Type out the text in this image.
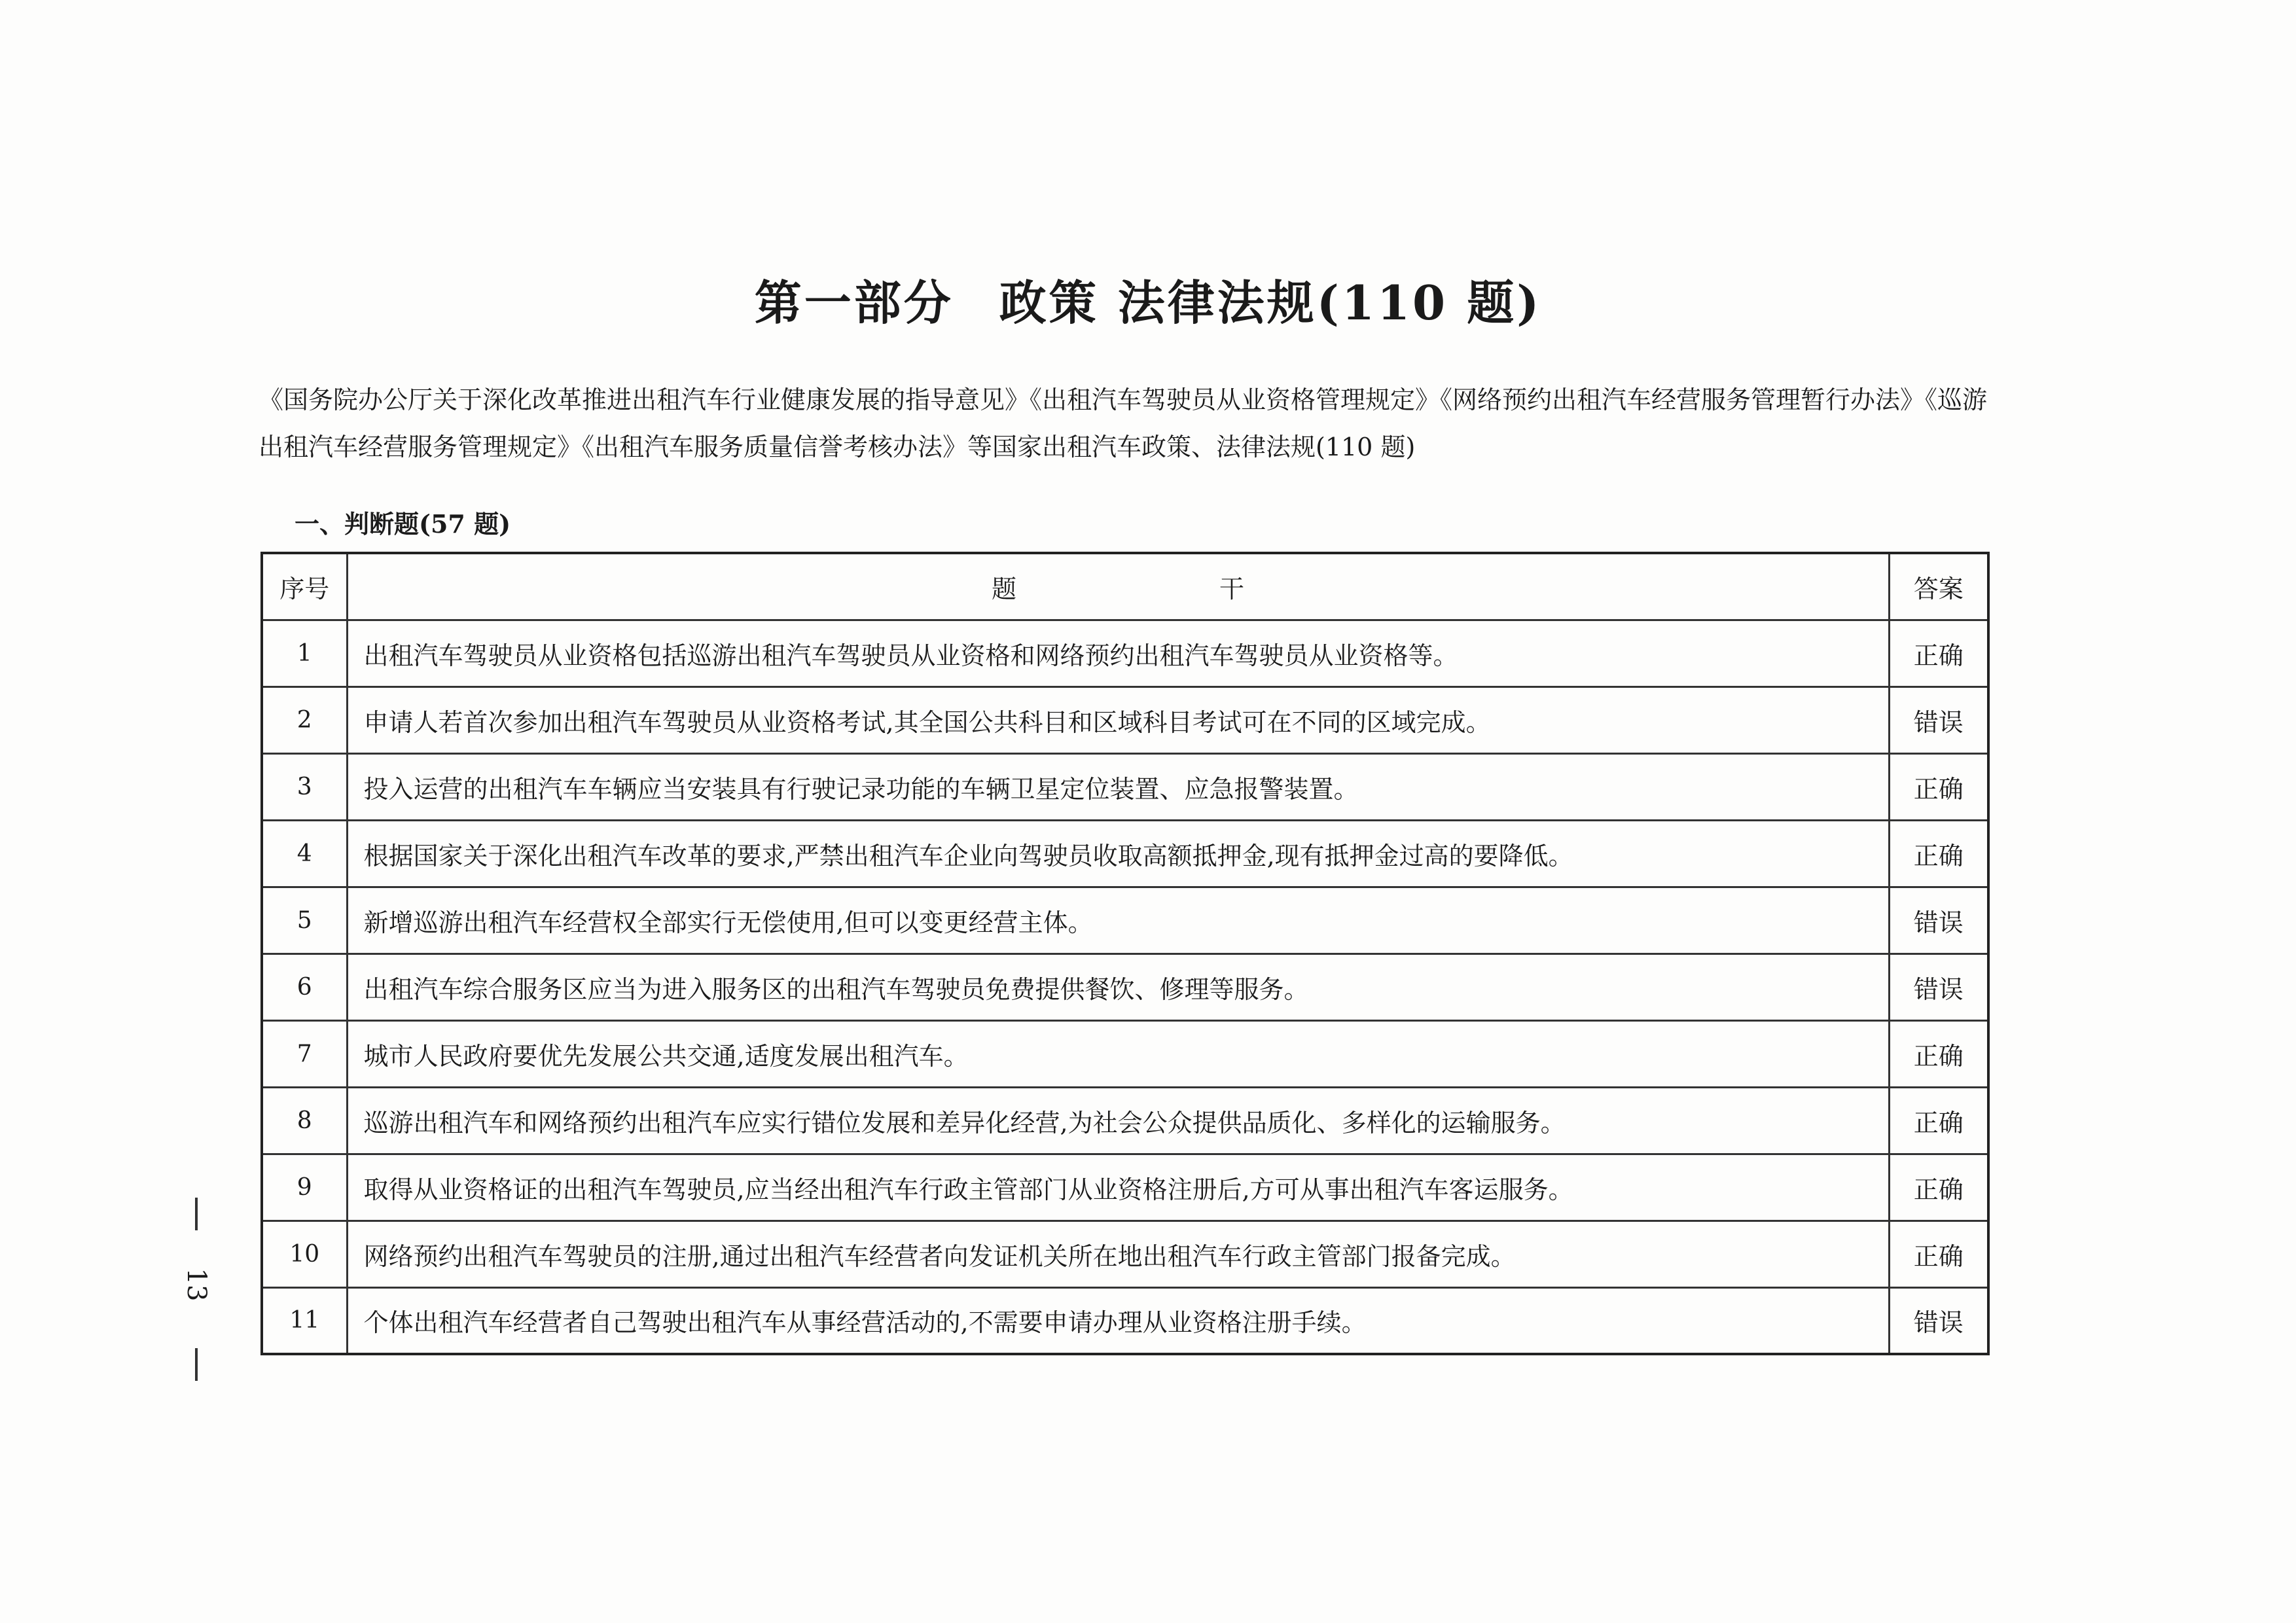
第一部分 政策 法律法规(110 题)
《国务院办公厅关于深化改革推进出租汽车行业健康发展的指导意见》《出租汽车驾驶员从业资格管理规定》《网络预约出租汽车经营服务管理暂行办法》《巡游出租汽车经营服务管理规定》《出租汽车服务质量信誉考核办法》等国家出租汽车政策、法律法规(110 题)
一、判断题(57 题)
序号	题 干	答案
1	出租汽车驾驶员从业资格包括巡游出租汽车驾驶员从业资格和网络预约出租汽车驾驶员从业资格等。	正确
2	申请人若首次参加出租汽车驾驶员从业资格考试,其全国公共科目和区域科目考试可在不同的区域完成。	错误
3	投入运营的出租汽车车辆应当安装具有行驶记录功能的车辆卫星定位装置、应急报警装置。	正确
4	根据国家关于深化出租汽车改革的要求,严禁出租汽车企业向驾驶员收取高额抵押金,现有抵押金过高的要降低。	正确
5	新增巡游出租汽车经营权全部实行无偿使用,但可以变更经营主体。	错误
6	出租汽车综合服务区应当为进入服务区的出租汽车驾驶员免费提供餐饮、修理等服务。	错误
7	城市人民政府要优先发展公共交通,适度发展出租汽车。	正确
8	巡游出租汽车和网络预约出租汽车应实行错位发展和差异化经营,为社会公众提供品质化、多样化的运输服务。	正确
9	取得从业资格证的出租汽车驾驶员,应当经出租汽车行政主管部门从业资格注册后,方可从事出租汽车客运服务。	正确
10	网络预约出租汽车驾驶员的注册,通过出租汽车经营者向发证机关所在地出租汽车行政主管部门报备完成。	正确
11	个体出租汽车经营者自己驾驶出租汽车从事经营活动的,不需要申请办理从业资格注册手续。	错误
13
